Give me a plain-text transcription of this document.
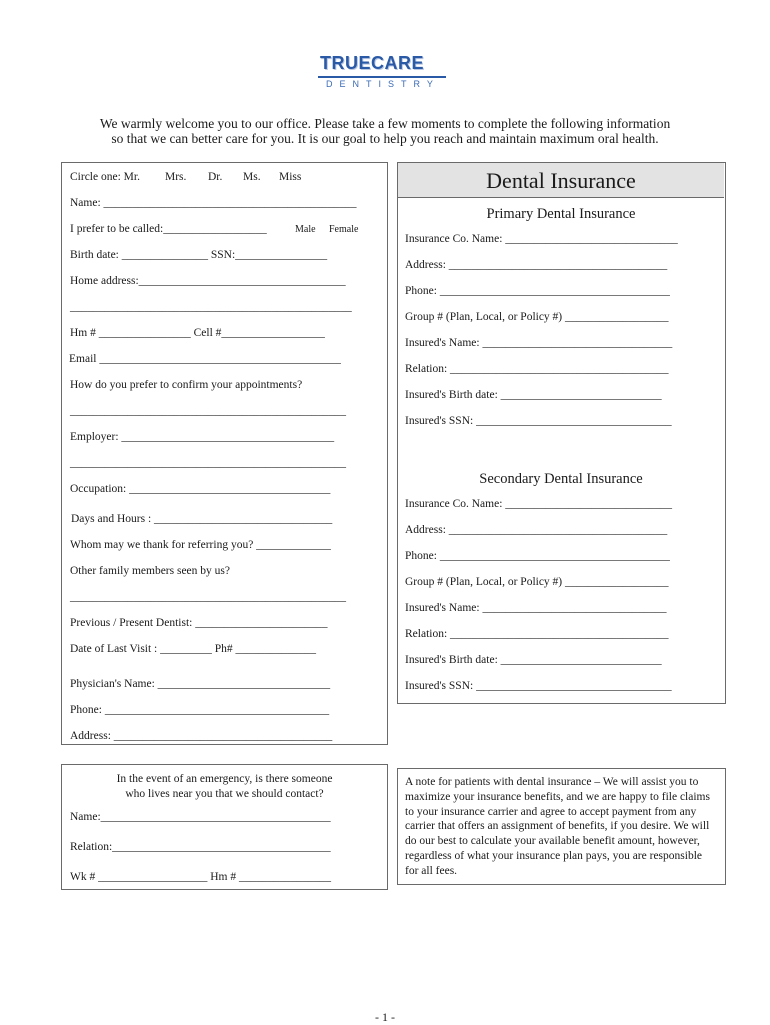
TRUECARE
DENTISTRY
We warmly welcome you to our office. Please take a few moments to complete the following information
so that we can better care for you. It is our goal to help you reach and maintain maximum oral health.
Circle one: Mr. Mrs. Dr. Ms. Miss
Name: ____________________________________________
I prefer to be called:__________________	Male Female
Birth date: _______________ SSN:________________
Home address:____________________________________
_________________________________________________
Hm # ________________ Cell #__________________
Email __________________________________________
How do you prefer to confirm your appointments?
________________________________________________
Employer: _____________________________________
________________________________________________
Occupation: ___________________________________
Days and Hours : _______________________________
Whom may we thank for referring you? _____________
Other family members seen by us?
________________________________________________
Previous / Present Dentist: _______________________
Date of Last Visit : _________ Ph# ______________
Physician's Name: ______________________________
Phone: _______________________________________
Address: ______________________________________
Dental Insurance
Primary Dental Insurance
Insurance Co. Name: ______________________________
Address: ______________________________________
Phone: ________________________________________
Group # (Plan, Local, or Policy #) __________________
Insured's Name: _________________________________
Relation: ______________________________________
Insured's Birth date: ____________________________
Insured's SSN: __________________________________
Secondary Dental Insurance
Insurance Co. Name: _____________________________
Address: ______________________________________
Phone: ________________________________________
Group # (Plan, Local, or Policy #) __________________
Insured's Name: ________________________________
Relation: ______________________________________
Insured's Birth date: ____________________________
Insured's SSN: __________________________________
In the event of an emergency, is there someone
who lives near you that we should contact?
Name:________________________________________
Relation:______________________________________
Wk # ___________________ Hm # ________________
A note for patients with dental insurance – We will assist you to maximize your insurance benefits, and we are happy to file claims to your insurance carrier and agree to accept payment from any carrier that offers an assignment of benefits, if you desire. We will do our best to calculate your available benefit amount, however, regardless of what your insurance plan pays, you are responsible for all fees.
- 1 -
